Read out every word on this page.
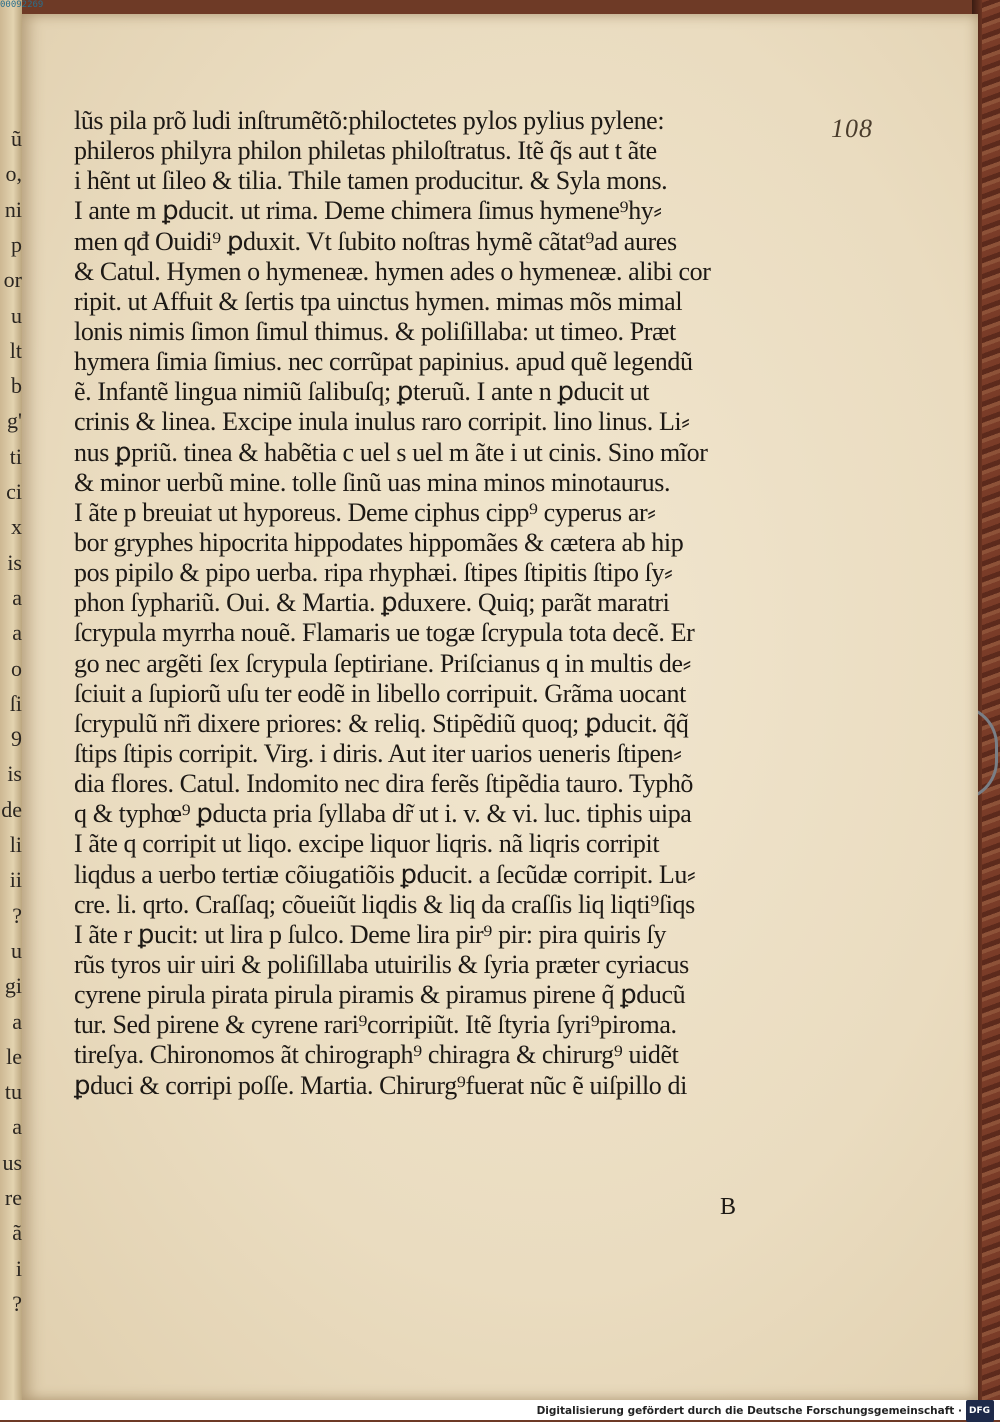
00092269
ũ
o,
ni
p
or
u
lt
b
g'
ti
ci
x
is
a
a
o
ſi
9
is
de
li
ii
?
u
gi
a
le
tu
a
us
re
ã
i
?
108
lũs pila prõ ludi inſtrumẽtõ:philoctetes pylos pylius pylene:
phileros philyra philon philetas philoſtratus. Itẽ q̃s aut t ãte
i hẽnt ut ſileo & tilia. Thile tamen producitur. & Syla mons.
I ante m ꝑducit. ut rima. Deme chimera ſimus hymene⁹hy⸗
men qđ Ouidi⁹ ꝑduxit. Vt ſubito noſtras hymẽ cãtat⁹ad aures
& Catul. Hymen o hymeneæ. hymen ades o hymeneæ. alibi cor
ripit. ut Affuit & ſertis tpa uinctus hymen. mimas mõs mimal
lonis nimis ſimon ſimul thimus. & poliſillaba: ut timeo. Præt
hymera ſimia ſimius. nec corrũpat papinius. apud quẽ legendũ
ẽ. Infantẽ lingua nimiũ ſalibuſq; ꝑteruũ. I ante n ꝑducit ut
crinis & linea. Excipe inula inulus raro corripit. lino linus. Li⸗
nus ꝑpriũ. tinea & habẽtia c uel s uel m ãte i ut cinis. Sino mĩor
& minor uerbũ mine. tolle ſinũ uas mina minos minotaurus.
I ãte p breuiat ut hyporeus. Deme ciphus cipp⁹ cyperus ar⸗
bor gryphes hipocrita hippodates hippomães & cætera ab hip
pos pipilo & pipo uerba. ripa rhyphæi. ſtipes ſtipitis ſtipo ſy⸗
phon ſyphariũ. Oui. & Martia. ꝑduxere. Quiq; parãt maratri
ſcrypula myrrha nouẽ. Flamaris ue togæ ſcrypula tota decẽ. Er
go nec argẽti ſex ſcrypula ſeptiriane. Priſcianus q in multis de⸗
ſciuit a ſupiorũ uſu ter eodẽ in libello corripuit. Grãma uocant
ſcrypulũ nr̃i dixere priores: & reliq. Stipẽdiũ quoq; ꝑducit. q̃q̃
ſtips ſtipis corripit. Virg. i diris. Aut iter uarios ueneris ſtipen⸗
dia flores. Catul. Indomito nec dira ferẽs ſtipẽdia tauro. Typhõ
q & typhœ⁹ ꝑducta pria ſyllaba dr̃ ut i. v. & vi. luc. tiphis uipa
I ãte q corripit ut liqo. excipe liquor liqris. nã liqris corripit
liqdus a uerbo tertiæ cõiugatiõis ꝑducit. a ſecũdæ corripit. Lu⸗
cre. li. qrto. Craſſaq; cõueiũt liqdis & liq da craſſis liq liqti⁹ſiqs
I ãte r ꝑucit: ut lira p ſulco. Deme lira pir⁹ pir: pira quiris ſy
rũs tyros uir uiri & poliſillaba utuirilis & ſyria præter cyriacus
cyrene pirula pirata pirula piramis & piramus pirene q̃ ꝑducũ
tur. Sed pirene & cyrene rari⁹corripiũt. Itẽ ſtyria ſyri⁹piroma.
tireſya. Chironomos ãt chirograph⁹ chiragra & chirurg⁹ uidẽt
ꝑduci & corripi poſſe. Martia. Chirurg⁹fuerat nũc ẽ uiſpillo di
B
Digitalisierung gefördert durch die Deutsche Forschungsgemeinschaft · DFG
